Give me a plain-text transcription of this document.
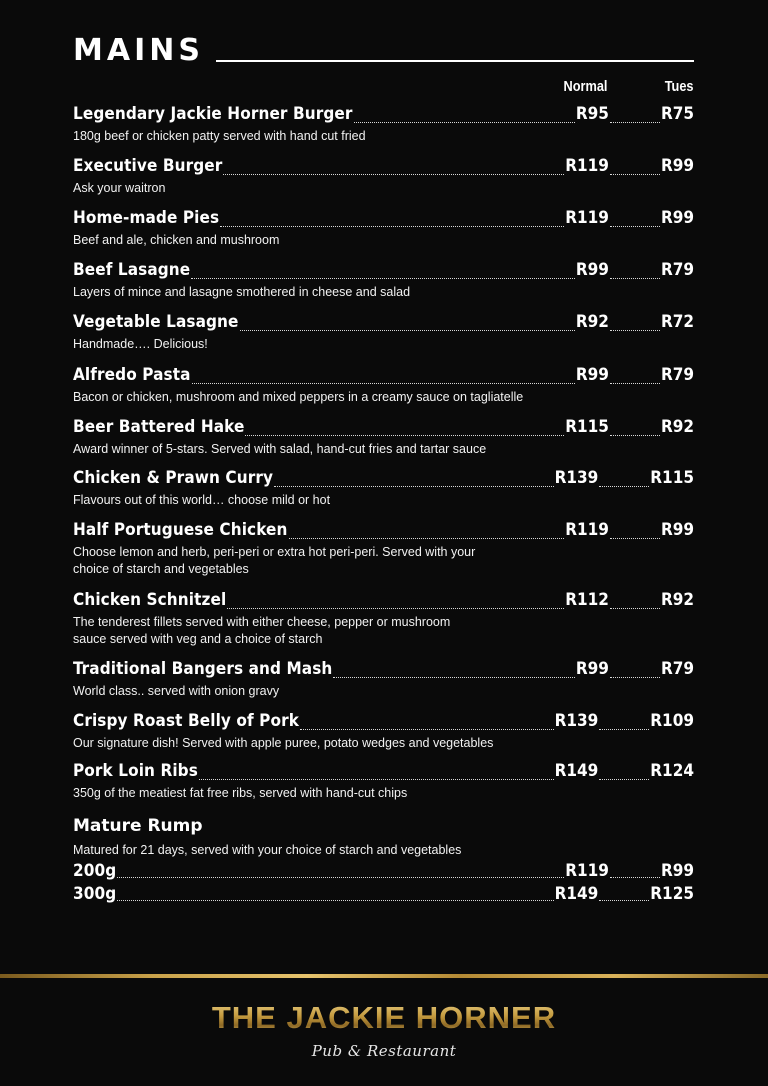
MAINS
Normal	Tues
Legendary Jackie Horner Burger	R95	R75
180g beef or chicken patty served with hand cut fried
Executive Burger	R119	R99
Ask your waitron
Home-made Pies	R119	R99
Beef and ale, chicken and mushroom
Beef Lasagne	R99	R79
Layers of mince and lasagne smothered in cheese and salad
Vegetable Lasagne	R92	R72
Handmade…. Delicious!
Alfredo Pasta	R99	R79
Bacon or chicken, mushroom and mixed peppers in a creamy sauce on tagliatelle
Beer Battered Hake	R115	R92
Award winner of 5-stars. Served with salad, hand-cut fries and tartar sauce
Chicken & Prawn Curry	R139	R115
Flavours out of this world… choose mild or hot
Half Portuguese Chicken	R119	R99
Choose lemon and herb, peri-peri or extra hot peri-peri. Served with your
choice of starch and vegetables
Chicken Schnitzel	R112	R92
The tenderest fillets served with either cheese, pepper or mushroom
sauce served with veg and a choice of starch
Traditional Bangers and Mash	R99	R79
World class.. served with onion gravy
Crispy Roast Belly of Pork	R139	R109
Our signature dish! Served with apple puree, potato wedges and vegetables
Pork Loin Ribs	R149	R124
350g of the meatiest fat free ribs, served with hand-cut chips
Mature Rump
Matured for 21 days, served with your choice of starch and vegetables
200g	R119	R99
300g	R149	R125
THE JACKIE HORNER
Pub & Restaurant
